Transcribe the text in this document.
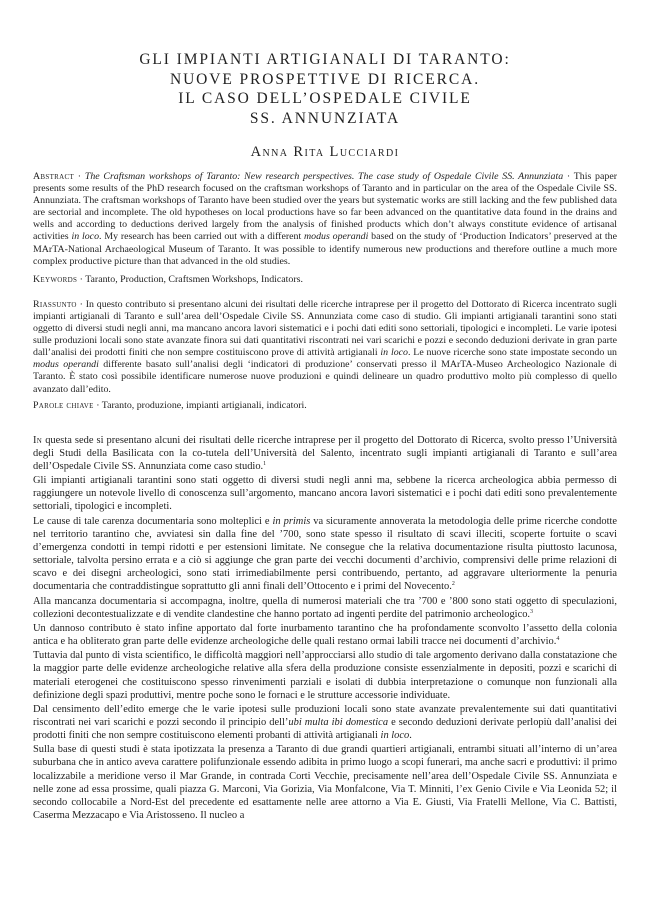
GLI IMPIANTI ARTIGIANALI DI TARANTO:

NUOVE PROSPETTIVE DI RICERCA.

IL CASO DELL’OSPEDALE CIVILE

SS. ANNUNZIATA

Anna Rita Lucciardi

Abstract · The Craftsman workshops of Taranto: New research perspectives. The case study of Ospedale Civile SS. Annunziata · This paper presents some results of the PhD research focused on the craftsman workshops of Taranto and in particular on the area of the Ospedale Civile SS. Annunziata. The craftsman workshops of Taranto have been studied over the years but systematic works are still lacking and the few published data are sectorial and incomplete. The old hypotheses on local productions have so far been advanced on the quantitative data found in the drains and wells and according to deductions derived largely from the analysis of finished products which don’t always constitute evidence of artisanal activities in loco. My research has been carried out with a different modus operandi based on the study of ‘Production Indicators’ preserved at the MArTA-National Archaeological Museum of Taranto. It was possible to identify numerous new productions and therefore outline a much more complex productive picture than that advanced in the old studies.

Keywords · Taranto, Production, Craftsmen Workshops, Indicators.

Riassunto · In questo contributo si presentano alcuni dei risultati delle ricerche intraprese per il progetto del Dottorato di Ricerca incentrato sugli impianti artigianali di Taranto e sull’area dell’Ospedale Civile SS. Annunziata come caso di studio. Gli impianti artigianali tarantini sono stati oggetto di diversi studi negli anni, ma mancano ancora lavori sistematici e i pochi dati editi sono settoriali, tipologici e incompleti. Le varie ipotesi sulle produzioni locali sono state avanzate finora sui dati quantitativi riscontrati nei vari scarichi e pozzi e secondo deduzioni derivate in gran parte dall’analisi dei prodotti finiti che non sempre costituiscono prove di attività artigianali in loco. Le nuove ricerche sono state impostate secondo un modus operandi differente basato sull’analisi degli ‘indicatori di produzione’ conservati presso il MArTA-Museo Archeologico Nazionale di Taranto. È stato così possibile identificare numerose nuove produzioni e quindi delineare un quadro produttivo molto più complesso di quello avanzato dall’edito.

Parole chiave · Taranto, produzione, impianti artigianali, indicatori.

In questa sede si presentano alcuni dei risultati delle ricerche intraprese per il progetto del Dottorato di Ricerca, svolto presso l’Università degli Studi della Basilicata con la co-tutela dell’Università del Salento, incentrato sugli impianti artigianali di Taranto e sull’area dell’Ospedale Civile SS. Annunziata come caso studio.$^1$

Gli impianti artigianali tarantini sono stati oggetto di diversi studi negli anni ma, sebbene la ricerca archeologica abbia permesso di raggiungere un notevole livello di conoscenza sull’argomento, mancano ancora lavori sistematici e i pochi dati editi sono prevalentemente settoriali, tipologici e incompleti.

Le cause di tale carenza documentaria sono molteplici e in primis va sicuramente annoverata la metodologia delle prime ricerche condotte nel territorio tarantino che, avviatesi sin dalla fine del ’700, sono state spesso il risultato di scavi illeciti, scoperte fortuite o scavi d’emergenza condotti in tempi ridotti e per estensioni limitate. Ne consegue che la relativa documentazione risulta piuttosto lacunosa, settoriale, talvolta persino errata e a ciò si aggiunge che gran parte dei vecchi documenti d’archivio, comprensivi delle prime relazioni di scavo e dei disegni archeologici, sono stati irrimediabilmente persi contribuendo, pertanto, ad aggravare ulteriormente la penuria documentaria che contraddistingue soprattutto gli anni finali dell’Ottocento e i primi del Novecento.$^2$

Alla mancanza documentaria si accompagna, inoltre, quella di numerosi materiali che tra ’700 e ’800 sono stati oggetto di speculazioni, collezioni decontestualizzate e di vendite clandestine che hanno portato ad ingenti perdite del patrimonio archeologico.$^3$

Un dannoso contributo è stato infine apportato dal forte inurbamento tarantino che ha profondamente sconvolto l’assetto della colonia antica e ha obliterato gran parte delle evidenze archeologiche delle quali restano ormai labili tracce nei documenti d’archivio.$^4$

Tuttavia dal punto di vista scientifico, le difficoltà maggiori nell’approcciarsi allo studio di tale argomento derivano dalla constatazione che la maggior parte delle evidenze archeologiche relative alla sfera della produzione consiste essenzialmente in depositi, pozzi e scarichi di materiali eterogenei che costituiscono spesso rinvenimenti parziali e isolati di dubbia interpretazione o comunque non funzionali alla definizione degli spazi produttivi, mentre poche sono le fornaci e le strutture accessorie individuate.

Dal censimento dell’edito emerge che le varie ipotesi sulle produzioni locali sono state avanzate prevalentemente sui dati quantitativi riscontrati nei vari scarichi e pozzi secondo il principio dell’ubi multa ibi domestica e secondo deduzioni derivate perlopiù dall’analisi dei prodotti finiti che non sempre costituiscono elementi probanti di attività artigianali in loco.

Sulla base di questi studi è stata ipotizzata la presenza a Taranto di due grandi quartieri artigianali, entrambi situati all’interno di un’area suburbana che in antico aveva carattere polifunzionale essendo adibita in primo luogo a scopi funerari, ma anche sacri e produttivi: il primo localizzabile a meridione verso il Mar Grande, in contrada Corti Vecchie, precisamente nell’area dell’Ospedale Civile SS. Annunziata e nelle zone ad essa prossime, quali piazza G. Marconi, Via Gorizia, Via Monfalcone, Via T. Minniti, l’ex Genio Civile e Via Leonida 52; il secondo collocabile a Nord-Est del precedente ed esattamente nelle aree attorno a Via E. Giusti, Via Fratelli Mellone, Via C. Battisti, Caserma Mezzacapo e Via Aristosseno. Il nucleo a
